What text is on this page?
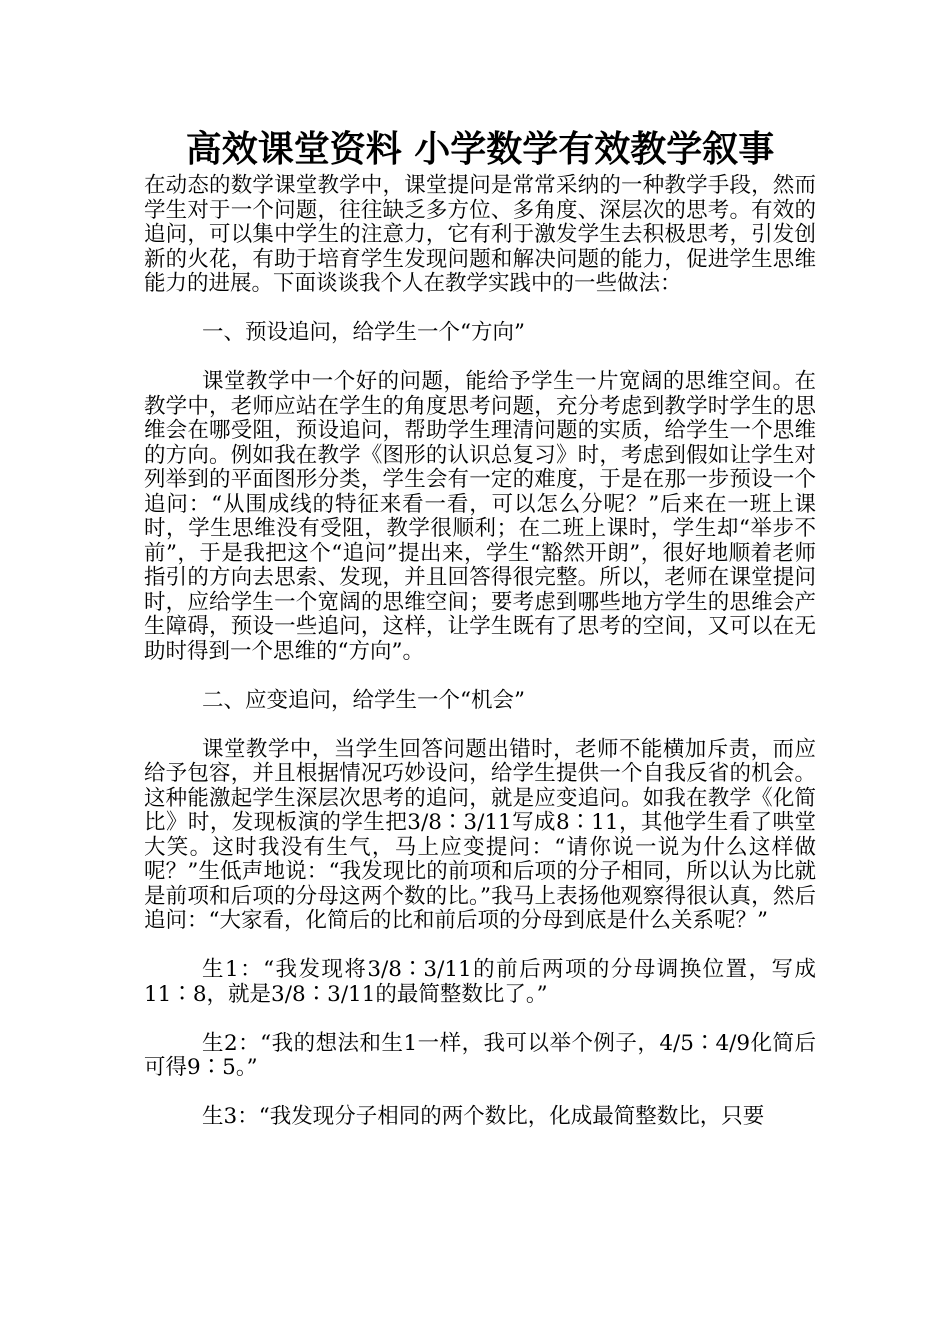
高效课堂资料 小学数学有效教学叙事

在动态的数学课堂教学中，课堂提问是常常采纳的一种教学手段，然而学生对于一个问题，往往缺乏多方位、多角度、深层次的思考。有效的追问，可以集中学生的注意力，它有利于激发学生去积极思考，引发创新的火花，有助于培育学生发现问题和解决问题的能力，促进学生思维能力的进展。下面谈谈我个人在教学实践中的一些做法：

一、预设追问，给学生一个“方向”

课堂教学中一个好的问题，能给予学生一片宽阔的思维空间。在教学中，老师应站在学生的角度思考问题，充分考虑到教学时学生的思维会在哪受阻，预设追问，帮助学生理清问题的实质，给学生一个思维的方向。例如我在教学《图形的认识总复习》时，考虑到假如让学生对列举到的平面图形分类，学生会有一定的难度，于是在那一步预设一个追问：“从围成线的特征来看一看，可以怎么分呢？”后来在一班上课时，学生思维没有受阻，教学很顺利；在二班上课时，学生却“举步不前”，于是我把这个“追问”提出来，学生“豁然开朗”，很好地顺着老师指引的方向去思索、发现，并且回答得很完整。所以，老师在课堂提问时，应给学生一个宽阔的思维空间；要考虑到哪些地方学生的思维会产生障碍，预设一些追问，这样，让学生既有了思考的空间，又可以在无助时得到一个思维的“方向”。

二、应变追问，给学生一个“机会”

课堂教学中，当学生回答问题出错时，老师不能横加斥责，而应给予包容，并且根据情况巧妙设问，给学生提供一个自我反省的机会。这种能激起学生深层次思考的追问，就是应变追问。如我在教学《化简比》时，发现板演的学生把3/8∶3/11写成8∶11，其他学生看了哄堂大笑。这时我没有生气，马上应变提问：“请你说一说为什么这样做呢？”生低声地说：“我发现比的前项和后项的分子相同，所以认为比就是前项和后项的分母这两个数的比。”我马上表扬他观察得很认真，然后追问：“大家看，化简后的比和前后项的分母到底是什么关系呢？”

生1：“我发现将3/8∶3/11的前后两项的分母调换位置，写成11∶8，就是3/8∶3/11的最简整数比了。”

生2：“我的想法和生1一样，我可以举个例子，4/5∶4/9化简后可得9∶5。”

生3：“我发现分子相同的两个数比，化成最简整数比，只要
